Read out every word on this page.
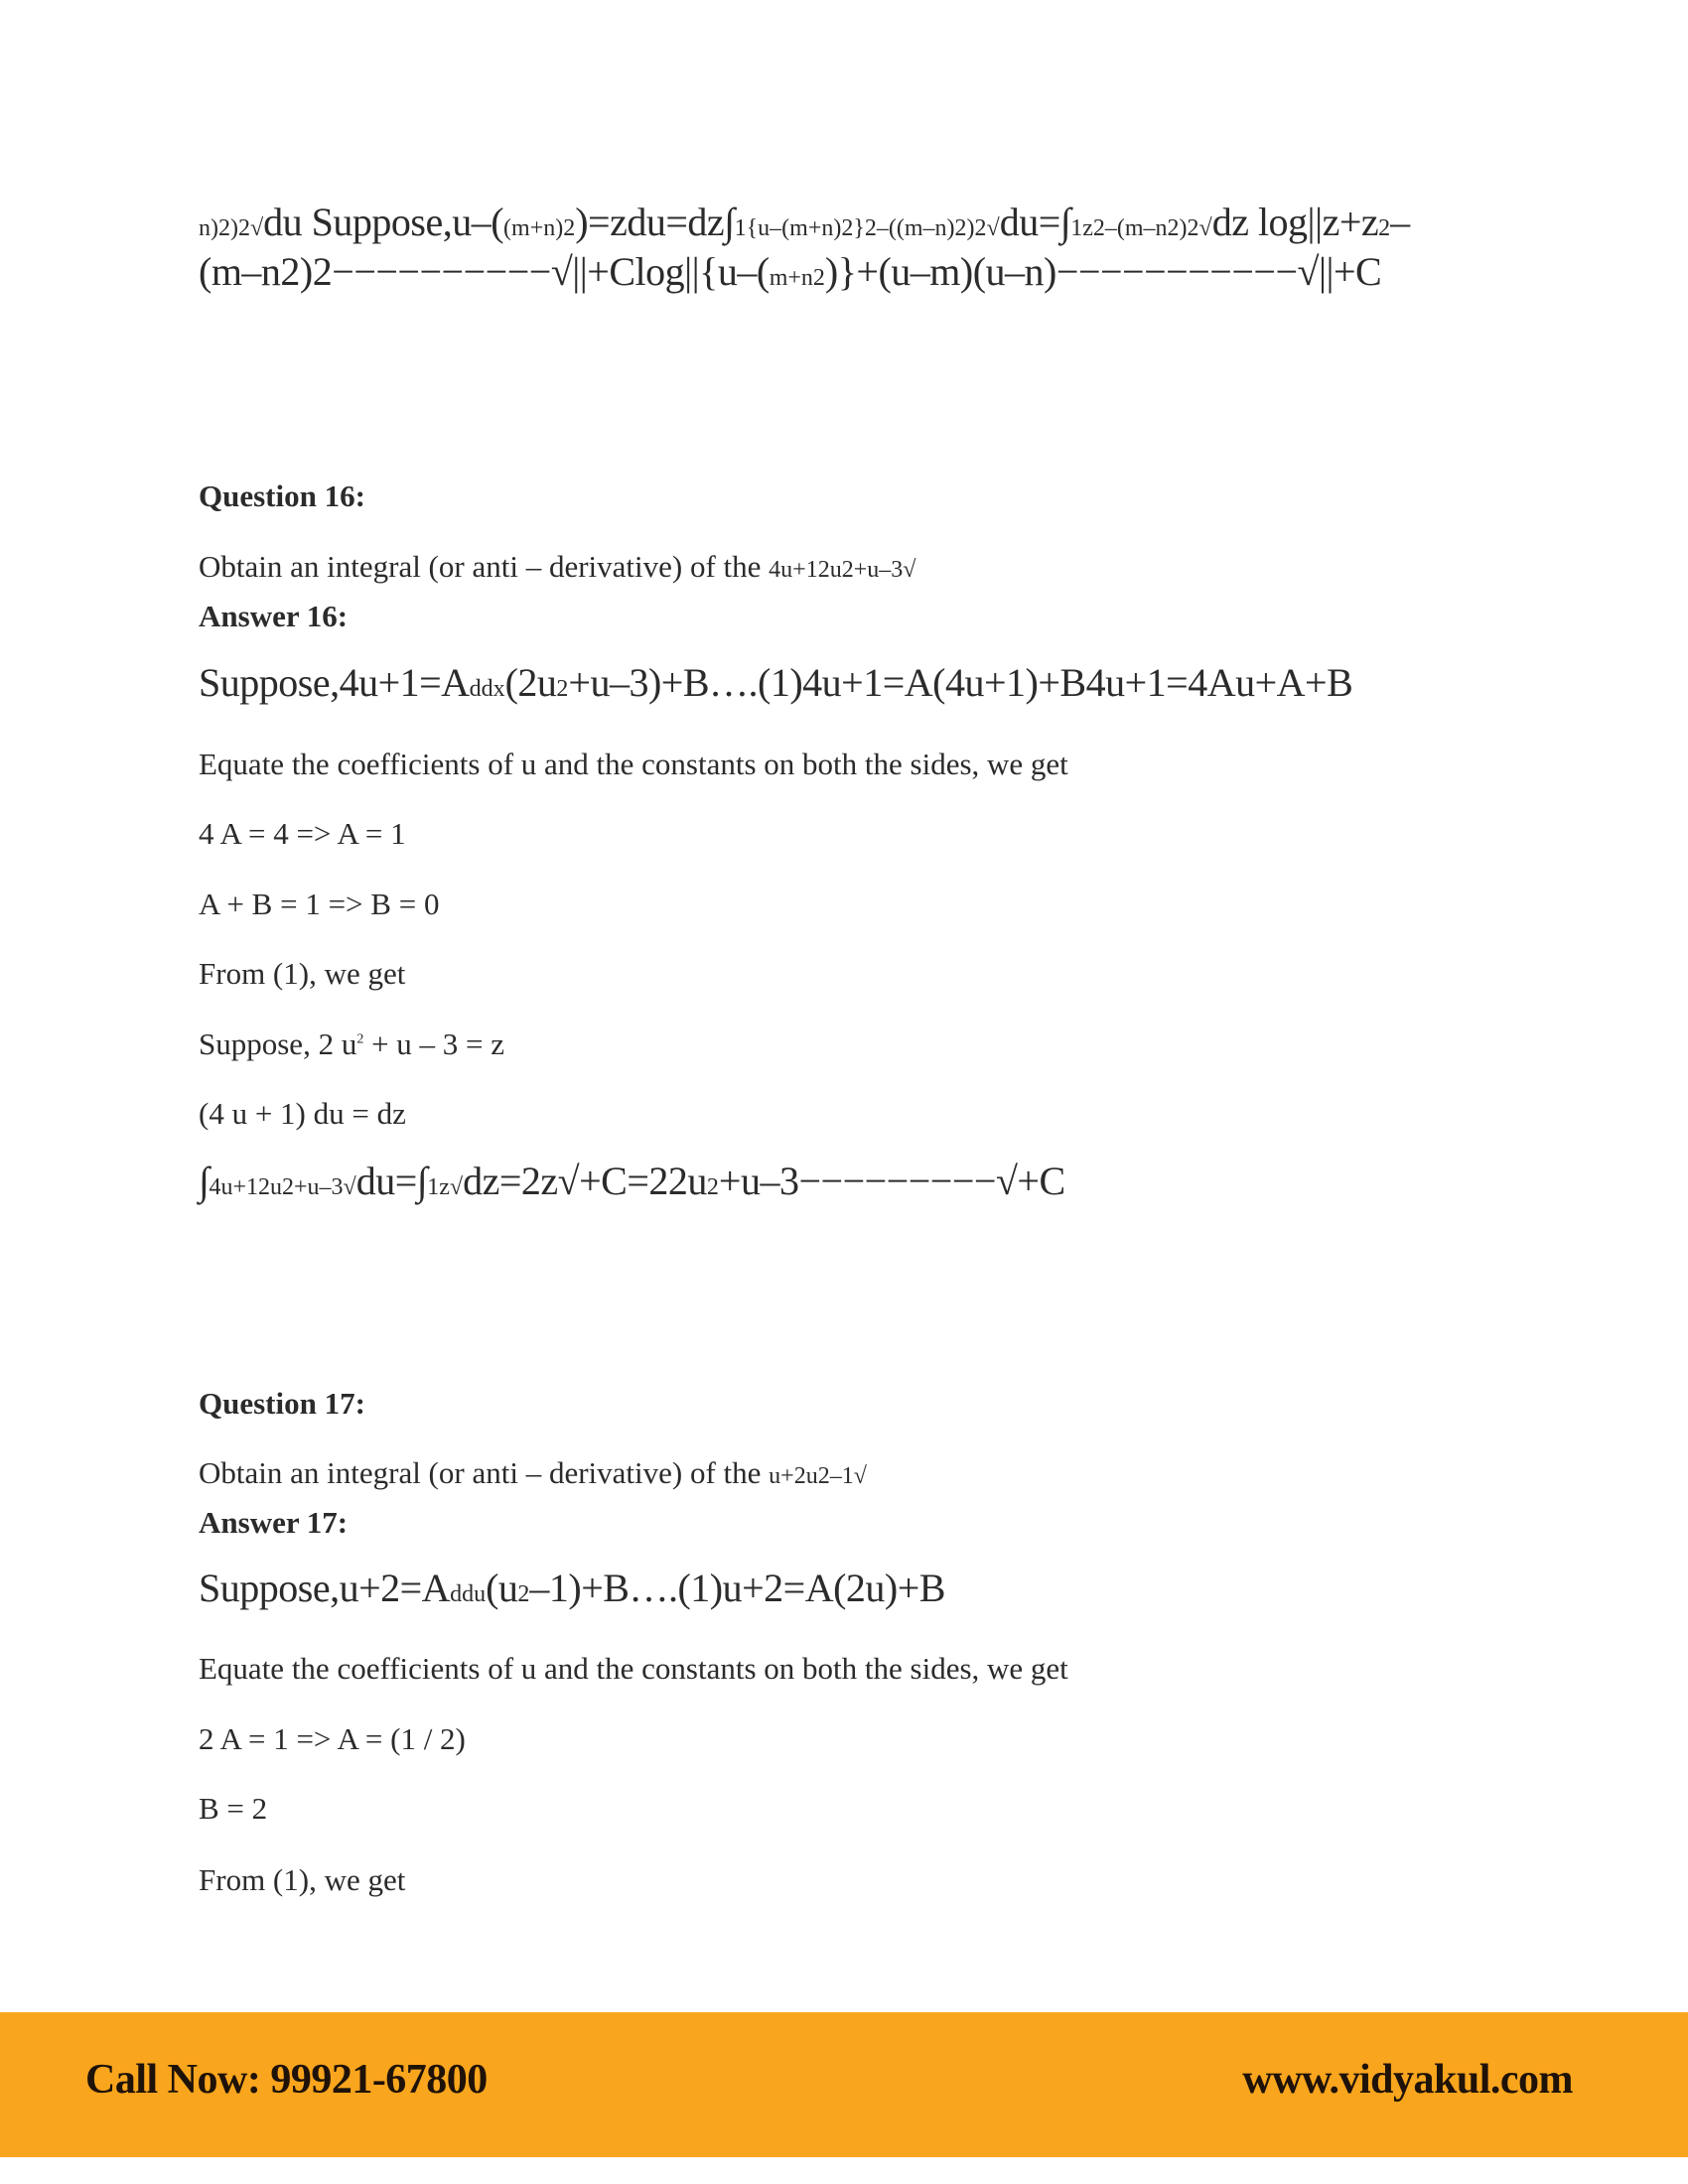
n)2)2√du Suppose,u–((m+n)2)=zdu=dz∫1{u–(m+n)2}2–((m–n)2)2√du=∫1z2–(m–n2)2√dz log||z+z2–
(m–n2)2−−−−−−−−−−√||+Clog||{u–(m+n2)}+(u–m)(u–n)−−−−−−−−−−−√||+C
Question 16:
Obtain an integral (or anti – derivative) of the 4u+12u2+u–3√
Answer 16:
Suppose,4u+1=Addx(2u2+u–3)+B….(1)4u+1=A(4u+1)+B4u+1=4Au+A+B
Equate the coefficients of u and the constants on both the sides, we get
4 A = 4 => A = 1
A + B = 1 => B = 0
From (1), we get
Suppose, 2 $u^2 + u - 3 = z$
(4 u + 1) du = dz
∫4u+12u2+u–3√du=∫1z√dz=2z√+C=22u2+u–3−−−−−−−−−√+C
Question 17:
Obtain an integral (or anti – derivative) of the u+2u2–1√
Answer 17:
Suppose,u+2=Addu(u2–1)+B….(1)u+2=A(2u)+B
Equate the coefficients of u and the constants on both the sides, we get
2 A = 1 => A = (1 / 2)
B = 2
From (1), we get
Call Now: 99921-67800	www.vidyakul.com
